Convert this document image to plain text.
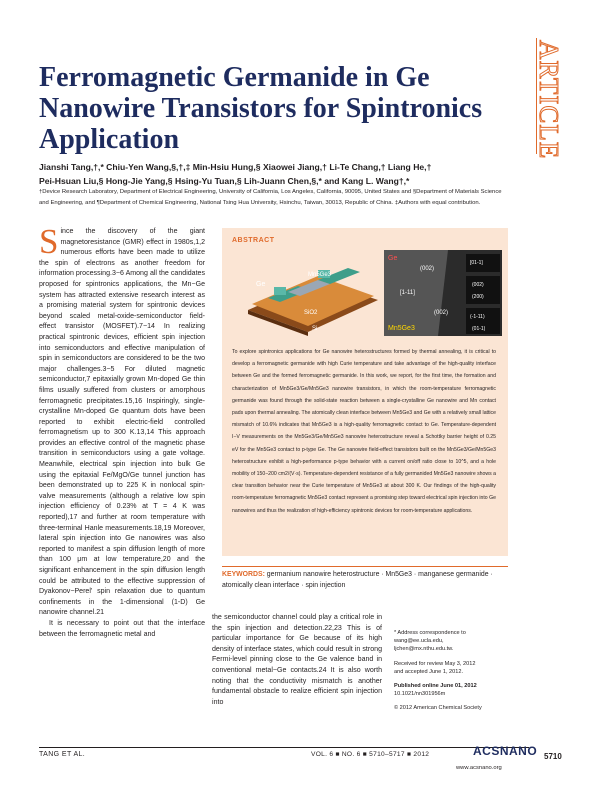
ARTICLE
Ferromagnetic Germanide in Ge Nanowire Transistors for Spintronics Application
Jianshi Tang,†,* Chiu-Yen Wang,§,†,‡ Min-Hsiu Hung,§ Xiaowei Jiang,† Li-Te Chang,† Liang He,†
Pei-Hsuan Liu,§ Hong-Jie Yang,§ Hsing-Yu Tuan,§ Lih-Juann Chen,§,* and Kang L. Wang†,*
†Device Research Laboratory, Department of Electrical Engineering, University of California, Los Angeles, California, 90095, United States and §Department of Materials Science and Engineering, and ¶Department of Chemical Engineering, National Tsing Hua University, Hsinchu, Taiwan, 30013, Republic of China. ‡Authors with equal contribution.
S ince the discovery of the giant magnetoresistance (GMR) effect in 1980s,1,2 numerous efforts have been made to utilize the spin of electrons as another freedom for information processing.3−6 Among all the candidates proposed for spintronics applications, the Mn−Ge system has attracted extensive research interest as a promising material system for spintronic devices beyond scaled metal-oxide-semiconductor field-effect transistor (MOSFET).7−14 In realizing practical spintronic devices, efficient spin injection into semiconductors and effective manipulation of spin in semiconductors are considered to be the two major challenges.3−5 For diluted magnetic semiconductor,7 epitaxially grown Mn-doped Ge thin films usually suffered from clusters or amorphous ferromagnetic precipitates.15,16 Inspiringly, single-crystalline Mn-doped Ge quantum dots have been reported to exhibit electric-field controlled ferromagnetism up to 300 K.13,14 This approach provides an effective control of the magnetic phase transition in semiconductors using a gate voltage. Meanwhile, electrical spin injection into bulk Ge using the epitaxial Fe/MgO/Ge tunnel junction has been demonstrated up to 225 K in nonlocal spin-valve measurements (although a relative low spin injection efficiency of 0.23% at T = 4 K was reported),17 and further at room temperature with three-terminal Hanle measurements.18,19 Moreover, lateral spin injection into Ge nanowires was also reported to manifest a spin diffusion length of more than 100 μm at low temperature,20 and the significant enhancement in the spin diffusion length could be attributed to the effective suppression of Dyakonov−Perel' spin relaxation due to quantum confinements in the 1-dimensional (1-D) Ge nanowire channel.21

It is necessary to point out that the interface between the ferromagnetic metal and

ABSTRACT
Ge
Mn5Ge3
SiO2
Si
Ge
Mn5Ge3
(002)
[1-11]
(002)
(002)
(200)
(01-1)
[01-1]
(-1-11)
To explore spintronics applications for Ge nanowire heterostructures formed by thermal annealing, it is critical to develop a ferromagnetic germanide with high Curie temperature and take advantage of the high-quality interface between Ge and the formed ferromagnetic germanide. In this work, we report, for the first time, the formation and characterization of Mn5Ge3/Ge/Mn5Ge3 nanowire transistors, in which the room-temperature ferromagnetic germanide was found through the solid-state reaction between a single-crystalline Ge nanowire and Mn contact pads upon thermal annealing. The atomically clean interface between Mn5Ge3 and Ge with a relatively small lattice mismatch of 10.6% indicates that Mn5Ge3 is a high-quality ferromagnetic contact to Ge. Temperature-dependent I−V measurements on the Mn5Ge3/Ge/Mn5Ge3 nanowire heterostructure reveal a Schottky barrier height of 0.25 eV for the Mn5Ge3 contact to p-type Ge. The Ge nanowire field-effect transistors built on the Mn5Ge3/Ge/Mn5Ge3 heterostructure exhibit a high-performance p-type behavior with a current on/off ratio close to 10^5, and a hole mobility of 150−200 cm2/(V·s). Temperature-dependent resistance of a fully germanided Mn5Ge3 nanowire shows a clear transition behavior near the Curie temperature of Mn5Ge3 at about 300 K. Our findings of the high-quality room-temperature ferromagnetic Mn5Ge3 contact represent a promising step toward electrical spin injection into Ge nanowires and thus the realization of high-efficiency spintronic devices for room-temperature applications.
KEYWORDS: germanium nanowire heterostructure · Mn5Ge3 · manganese germanide · atomically clean interface · spin injection
the semiconductor channel could play a critical role in the spin injection and detection.22,23 This is of particular importance for Ge because of its high density of interface states, which could result in strong Fermi-level pinning close to the Ge valence band in conventional metal−Ge contacts.24 It is also worth noting that the conductivity mismatch is another fundamental obstacle to realize efficient spin injection into
* Address correspondence to
wang@ee.ucla.edu,
ljchen@mx.nthu.edu.tw.
Received for review May 3, 2012
and accepted June 1, 2012.
Published online June 01, 2012
10.1021/nn301956m
© 2012 American Chemical Society
TANG ET AL.	VOL. 6 ■ NO. 6 ■ 5710–5717 ■ 2012	ACSNANO
www.acsnano.org
5710
